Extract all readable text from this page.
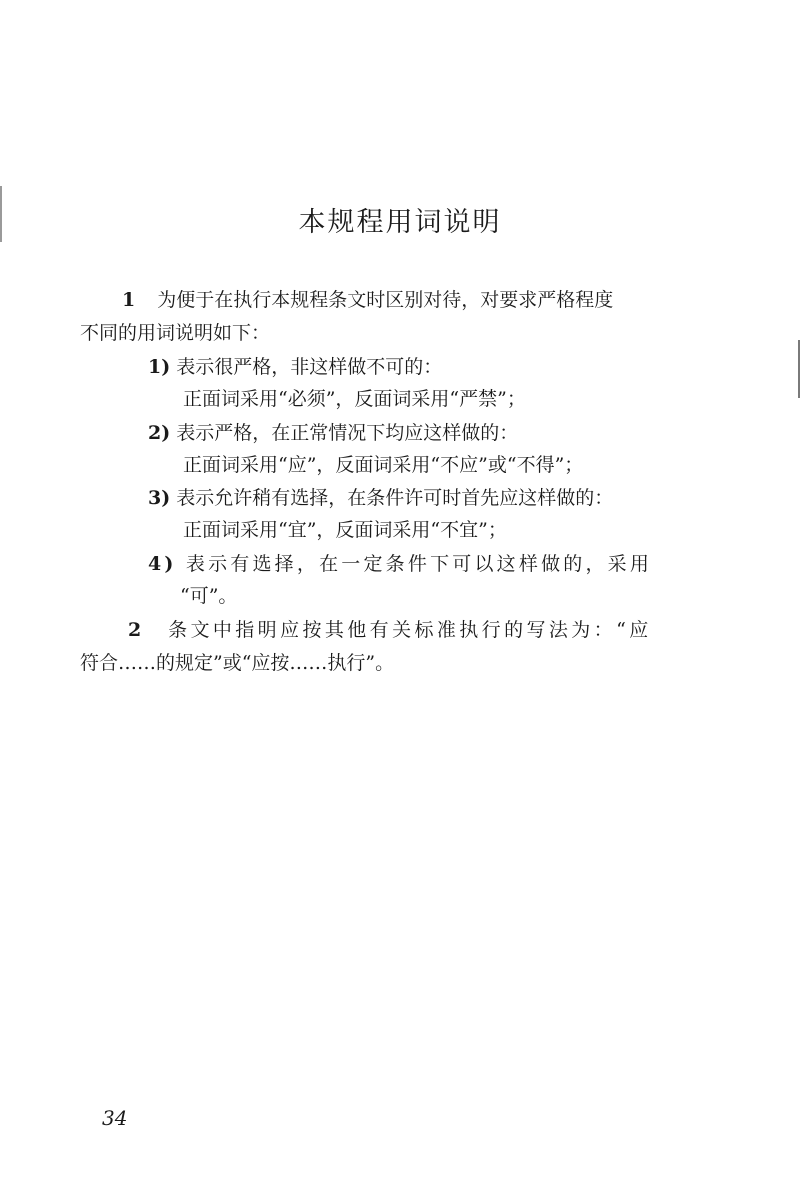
本规程用词说明
1 为便于在执行本规程条文时区别对待，对要求严格程度
不同的用词说明如下：
1) 表示很严格，非这样做不可的：
正面词采用“必须”，反面词采用“严禁”；
2) 表示严格，在正常情况下均应这样做的：
正面词采用“应”，反面词采用“不应”或“不得”；
3) 表示允许稍有选择，在条件许可时首先应这样做的：
正面词采用“宜”，反面词采用“不宜”；
4) 表示有选择，在一定条件下可以这样做的，采用
“可”。
2 条文中指明应按其他有关标准执行的写法为：“应
符合……的规定”或“应按……执行”。
34
